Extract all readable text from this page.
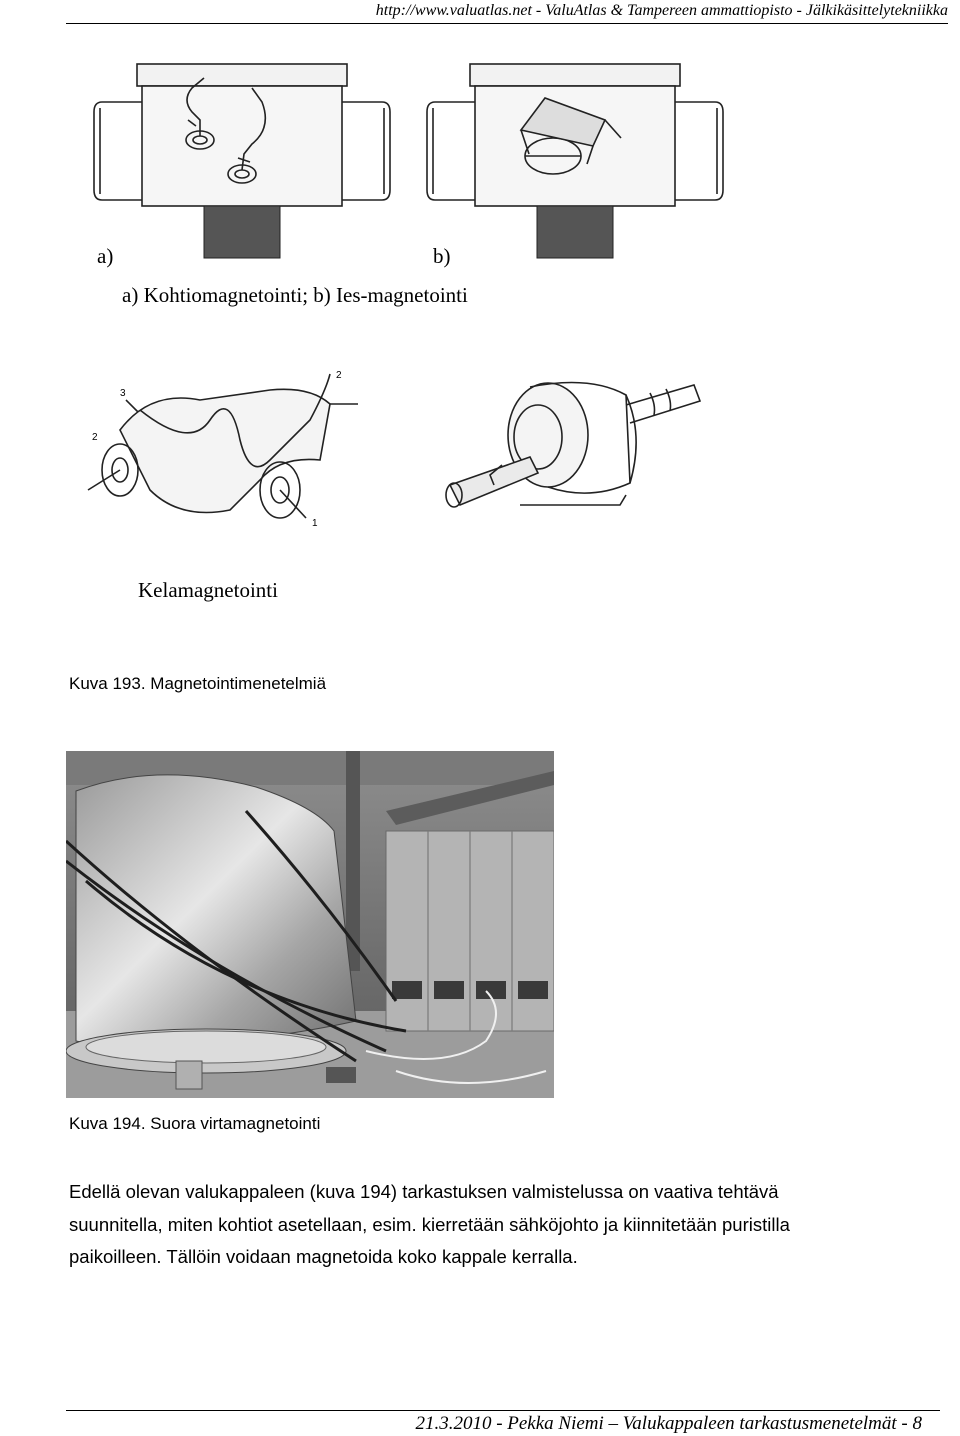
http://www.valuatlas.net - ValuAtlas & Tampereen ammattiopisto - Jälkikäsittelytekniikka
a)	b)
a) Kohtiomagnetointi; b) Ies-magnetointi
3
2
1
2
Kelamagnetointi
Kuva 193. Magnetointimenetelmiä
Kuva 194. Suora virtamagnetointi

Edellä olevan valukappaleen (kuva 194) tarkastuksen valmistelussa on vaativa tehtävä

suunnitella, miten kohtiot asetellaan, esim. kierretään sähköjohto ja kiinnitetään puristilla

paikoilleen. Tällöin voidaan magnetoida koko kappale kerralla.

21.3.2010 - Pekka Niemi – Valukappaleen tarkastusmenetelmät - 8
